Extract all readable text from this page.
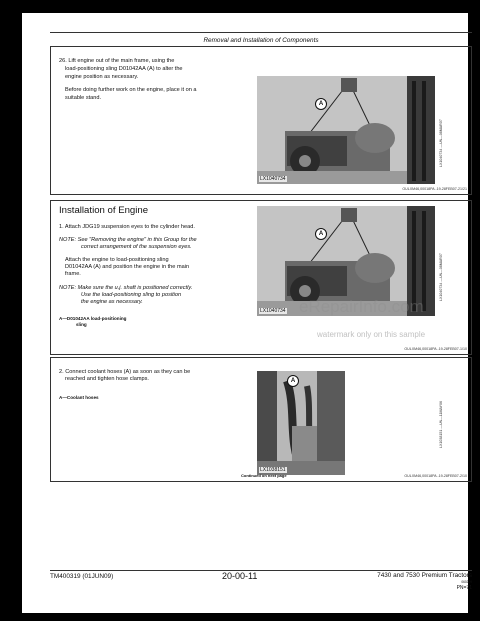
Removal and Installation of Components
26. Lift engine out of the main frame, using the
load-positioning sling D01042AA (A) to alter the
engine position as necessary.
Before doing further work on the engine, place it on a
suitable stand.
A
LX1040734
LX1040734 —UN—08MAR07
OULXM46,00018PA -19-28FEB07-21/21
Installation of Engine
1. Attach JDG19 suspension eyes to the cylinder head.
NOTE: See "Removing the engine" in this Group for the
correct arrangement of the suspension eyes.
Attach the engine to load-positioning sling
D01042AA (A) and position the engine in the main
frame.
NOTE: Make sure the u.j. shaft is positioned correctly.
Use the load-positioning sling to position
the engine as necessary.
A—D01042AA load-positioning
sling
A
LX1040734
LX1040734 —UN—08MAR07
eRepairInfo.com
watermark only on this sample
OULXM46,00018PA -19-28FEB07-1/10
2. Connect coolant hoses (A) as soon as they can be
reached and tighten hose clamps.
A—Coolant hoses
A
LX1038151
LX1038151 —UN—11MAY06
Continued on next page	OULXM46,00018PA -19-28FEB07-2/10
TM400319 (01JUN09)	20-00-11	7430 and 7530 Premium Tractors
060209
PN=71
